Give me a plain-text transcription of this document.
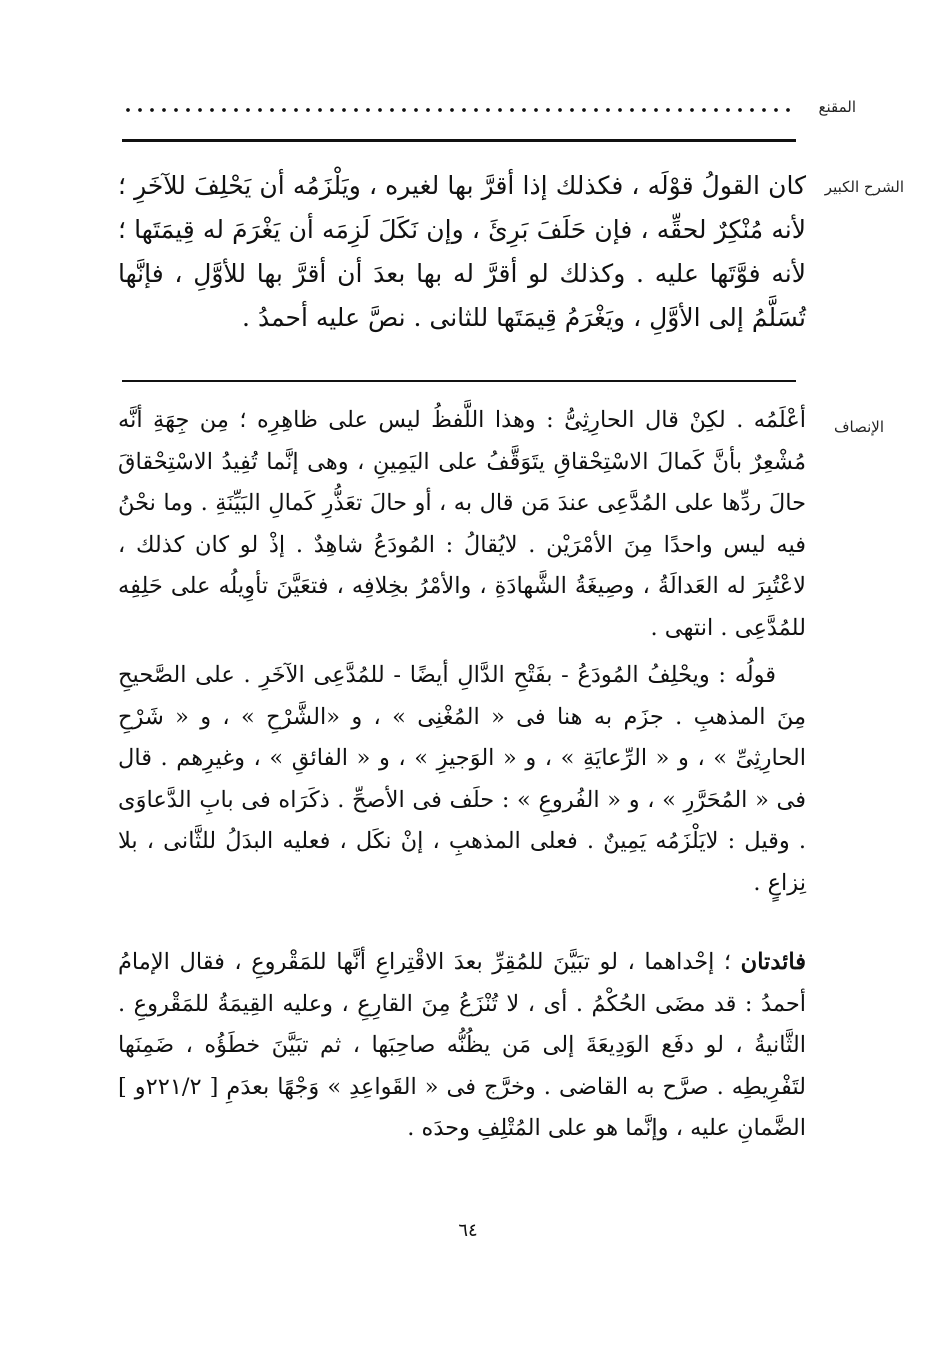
المقنع
الشرح الكبير

كان القولُ قوْلَه ، فكذلك إذا أقرَّ بها لغيره ، ويَلْزَمُه أن يَحْلِفَ للآخَرِ ؛ لأنه مُنْكِرٌ لحقِّه ، فإن حَلَفَ بَرِئَ ، وإن نَكَلَ لَزِمَه أن يَغْرَمَ له قِيمَتَها ؛ لأنه فوَّتَها عليه . وكذلك لو أقرَّ له بها بعدَ أن أقرَّ بها للأوَّلِ ، فإنَّها تُسَلَّمُ إلى الأوَّلِ ، ويَغْرَمُ قِيمَتَها للثانى . نصَّ عليه أحمدُ .

الإنصاف

أعْلَمُه . لكِنْ قال الحارِثِىُّ : وهذا اللَّفظُ ليس على ظاهِرِه ؛ مِن جِهَةِ أنَّه مُشْعِرٌ بأنَّ كَمالَ الاسْتِحْقاقِ يتَوَقَّفُ على اليَمِينِ ، وهى إنَّما تُفِيدُ الاسْتِحْقاقَ حالَ ردِّها على المُدَّعِى عندَ مَن قال به ، أو حالَ تعَذُّرِ كَمالِ البَيِّنَةِ . وما نحْنُ فيه ليس واحدًا مِنَ الأمْرَيْن . لايُقالُ : المُودَعُ شاهِدٌ . إذْ لو كان كذلك ، لاعْتُبِرَ له العَدالَةُ ، وصِيغَةُ الشَّهادَةِ ، والأمْرُ بخِلافِه ، فتعَيَّنَ تأوِيلُه على حَلِفِه للمُدَّعِى . انتهى .

قولُه : ويحْلِفُ المُودَعُ - بفَتْحِ الدَّالِ أيضًا - للمُدَّعِى الآخَرِ . على الصَّحيحِ مِنَ المذهبِ . جزَم به هنا فى « المُغْنِى » ، و «الشَّرْحِ » ، و « شَرْحِ الحارِثِىِّ » ، و « الرِّعايَةِ » ، و « الوَجيزِ » ، و « الفائقِ » ، وغيرِهم . قال فى « المُحَرَّرِ » ، و « الفُروعِ » : حلَف فى الأصحِّ . ذكَرَاه فى بابِ الدَّعاوَى . وقيل : لايَلْزَمُه يَمِينٌ . فعلى المذهبِ ، إنْ نكَل ، فعليه البدَلُ للثَّانى ، بلا نِزاعٍ .

فائدتان ؛ إحْداهما ، لو تبَيَّنَ للمُقِرِّ بعدَ الاقْتِراعِ أنَّها للمَقْروعِ ، فقال الإمامُ أحمدُ : قد مضَى الحُكْمُ . أى ، لا تُنْزَعُ مِنَ القارِعِ ، وعليه القِيمَةُ للمَقْروعِ . الثَّانيةُ ، لو دفَع الوَدِيعَةَ إلى مَن يظُنُّه صاحِبَها ، ثم تبَيَّنَ خطَؤُه ، ضَمِنَها لتَفْرِيطِه . صرَّح به القاضى . وخرَّج فى « القَواعِدِ » وَجْهًا بعدَمِ [ ٢٢١/٢و ] الضَّمانِ عليه ، وإنَّما هو على المُتْلِفِ وحدَه .

٦٤
